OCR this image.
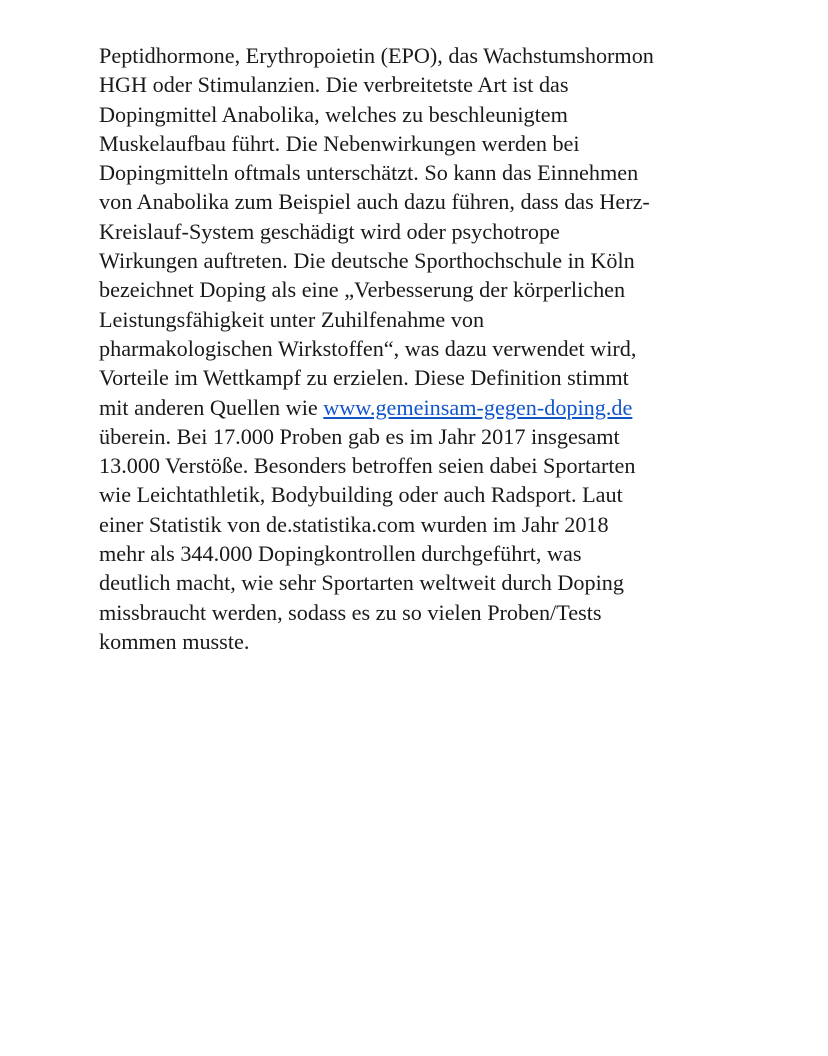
Peptidhormone, Erythropoietin (EPO), das Wachstumshormon
HGH oder Stimulanzien. Die verbreitetste Art ist das
Dopingmittel Anabolika, welches zu beschleunigtem
Muskelaufbau führt. Die Nebenwirkungen werden bei
Dopingmitteln oftmals unterschätzt. So kann das Einnehmen
von Anabolika zum Beispiel auch dazu führen, dass das Herz-
Kreislauf-System geschädigt wird oder psychotrope
Wirkungen auftreten. Die deutsche Sporthochschule in Köln
bezeichnet Doping als eine „Verbesserung der körperlichen
Leistungsfähigkeit unter Zuhilfenahme von
pharmakologischen Wirkstoffen“, was dazu verwendet wird,
Vorteile im Wettkampf zu erzielen. Diese Definition stimmt
mit anderen Quellen wie www.gemeinsam-gegen-doping.de
überein. Bei 17.000 Proben gab es im Jahr 2017 insgesamt
13.000 Verstöße. Besonders betroffen seien dabei Sportarten
wie Leichtathletik, Bodybuilding oder auch Radsport. Laut
einer Statistik von de.statistika.com wurden im Jahr 2018
mehr als 344.000 Dopingkontrollen durchgeführt, was
deutlich macht, wie sehr Sportarten weltweit durch Doping
missbraucht werden, sodass es zu so vielen Proben/Tests
kommen musste.
